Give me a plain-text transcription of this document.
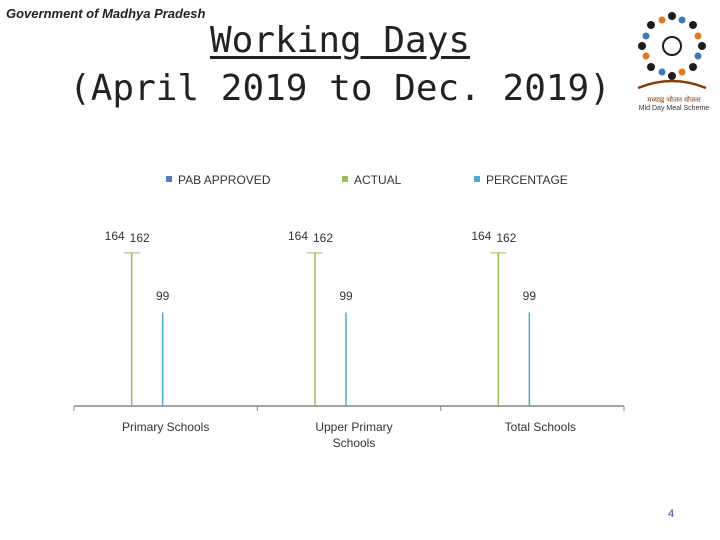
Government of Madhya Pradesh
Working Days
(April 2019 to Dec. 2019)	मध्याह्न भोजन योजना
Mid Day Meal Scheme
PAB APPROVED	ACTUAL	PERCENTAGE
164 162
99
Primary Schools
164 162
99
Upper Primary
Schools
164 162
99
Total Schools
4
